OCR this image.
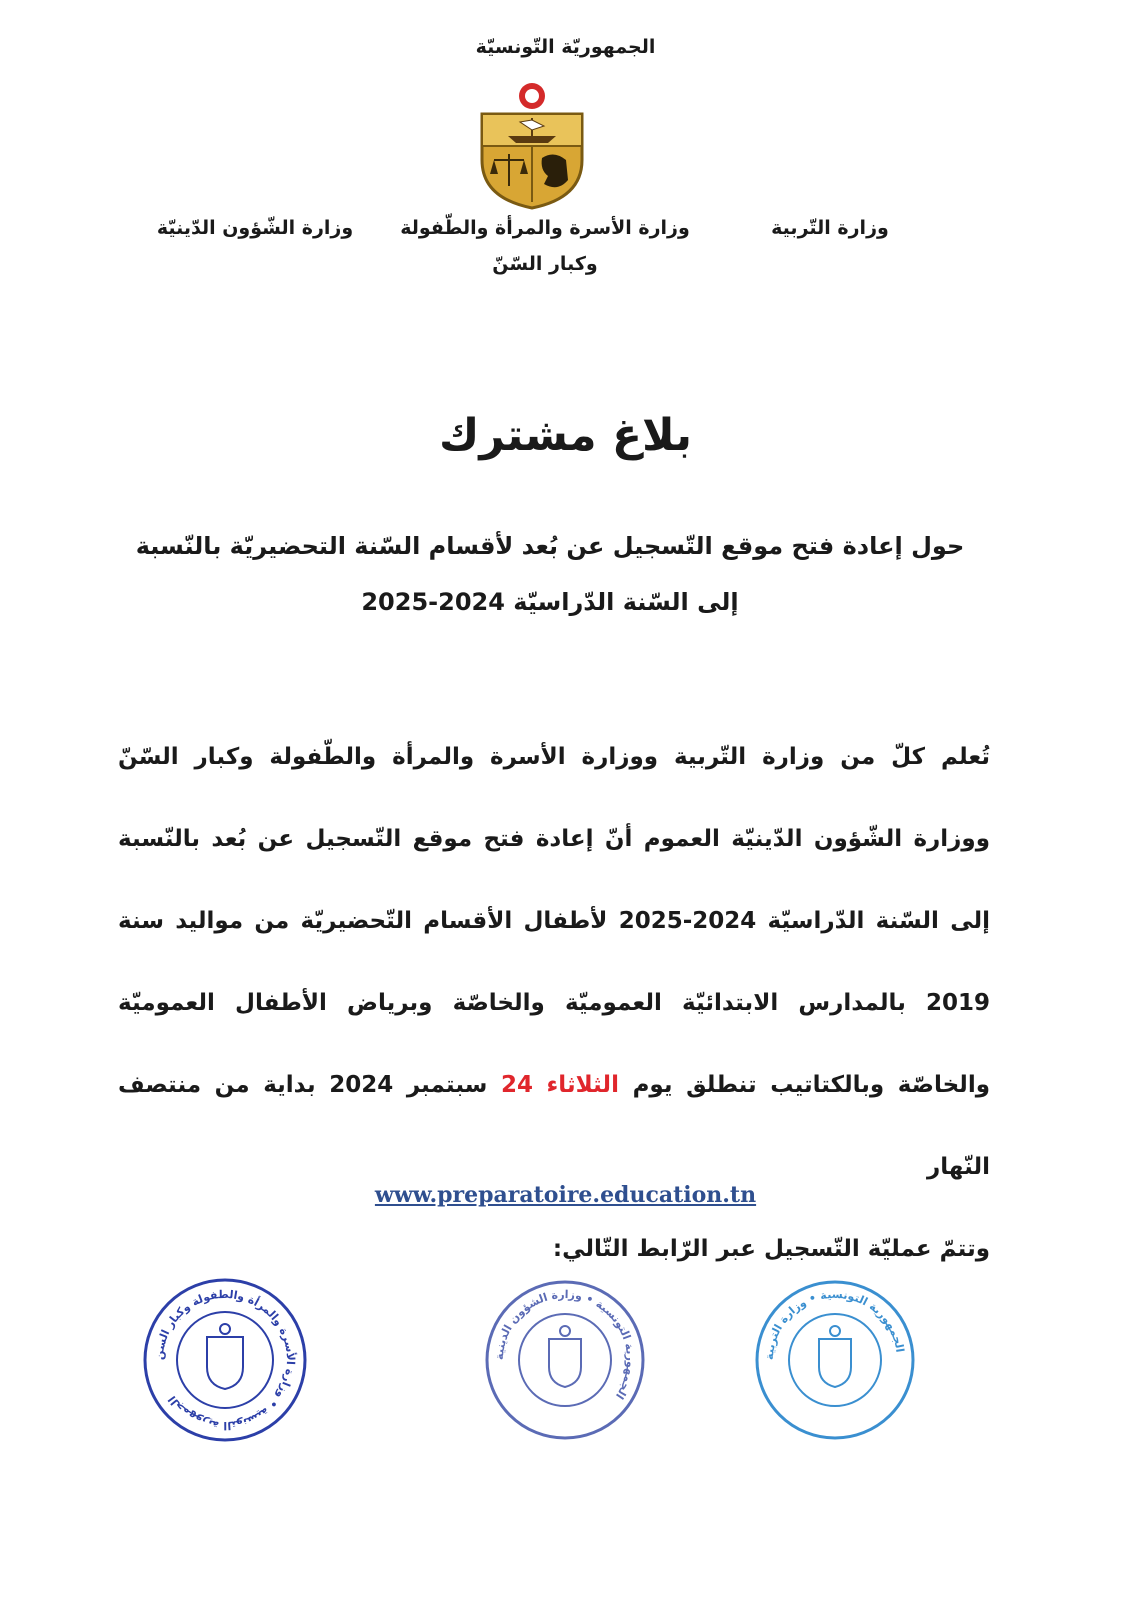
الجمهوريّة التّونسيّة
وزارة التّربية
وزارة الأسرة والمرأة والطّفولة
وكبار السّنّ
وزارة الشّؤون الدّينيّة
بلاغ مشترك
حول إعادة فتح موقع التّسجيل عن بُعد لأقسام السّنة التحضيريّة بالنّسبة إلى السّنة الدّراسيّة 2024-2025
تُعلم كلّ من وزارة التّربية ووزارة الأسرة والمرأة والطّفولة وكبار السّنّ ووزارة الشّؤون الدّينيّة العموم أنّ إعادة فتح موقع التّسجيل عن بُعد بالنّسبة إلى السّنة الدّراسيّة 2024-2025 لأطفال الأقسام التّحضيريّة من مواليد سنة 2019 بالمدارس الابتدائيّة العموميّة والخاصّة وبرياض الأطفال العموميّة والخاصّة وبالكتاتيب تنطلق يوم الثلاثاء 24 سبتمبر 2024 بداية من منتصف النّهار
وتتمّ عمليّة التّسجيل عبر الرّابط التّالي:
www.preparatoire.education.tn
الجمهورية التونسية • وزارة الأسرة والمرأة والطفولة وكبار السن
الجمهورية التونسية • وزارة الشؤون الدينية
الجمهورية التونسية • وزارة التربية
